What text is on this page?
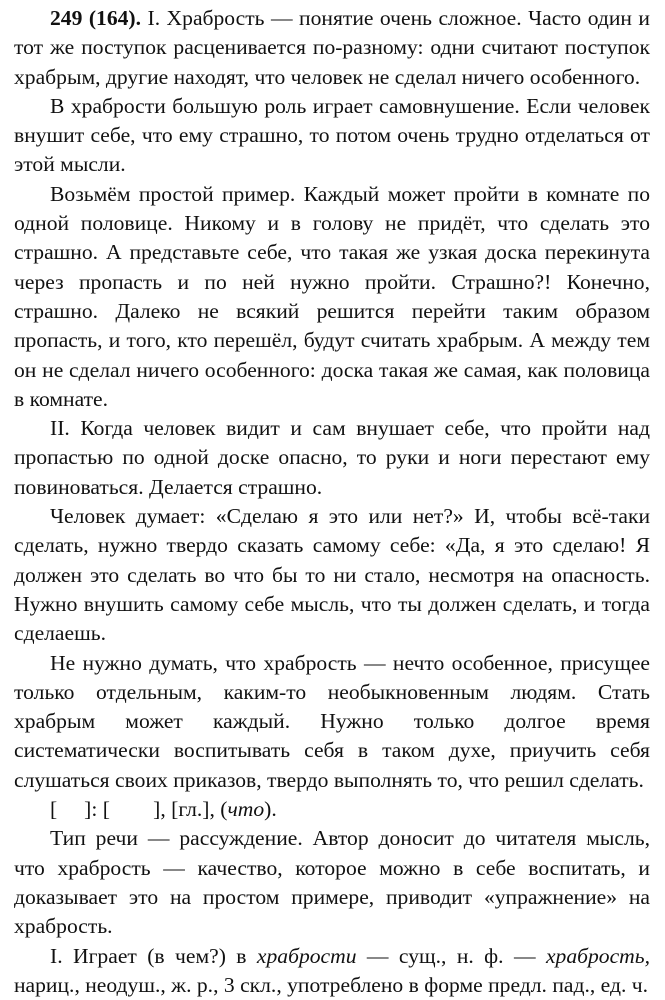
249 (164). I. Храбрость — понятие очень сложное. Часто один и тот же поступок расценивается по-разному: одни считают поступок храбрым, другие находят, что человек не сделал ничего особенного.

В храбрости большую роль играет самовнушение. Если человек внушит себе, что ему страшно, то потом очень трудно отделаться от этой мысли.

Возьмём простой пример. Каждый может пройти в комнате по одной половице. Никому и в голову не придёт, что сделать это страшно. А представьте себе, что такая же узкая доска перекинута через пропасть и по ней нужно пройти. Страшно?! Конечно, страшно. Далеко не всякий решится перейти таким образом пропасть, и того, кто перешёл, будут считать храбрым. А между тем он не сделал ничего особенного: доска такая же самая, как половица в комнате.

II. Когда человек видит и сам внушает себе, что пройти над пропастью по одной доске опасно, то руки и ноги перестают ему повиноваться. Делается страшно.

Человек думает: «Сделаю я это или нет?» И, чтобы всё-таки сделать, нужно твердо сказать самому себе: «Да, я это сделаю! Я должен это сделать во что бы то ни стало, несмотря на опасность. Нужно внушить самому себе мысль, что ты должен сделать, и тогда сделаешь.

Не нужно думать, что храбрость — нечто особенное, присущее только отдельным, каким-то необыкновенным людям. Стать храбрым может каждый. Нужно только долгое время систематически воспитывать себя в таком духе, приучить себя слушаться своих приказов, твердо выполнять то, что решил сделать.

[     ]: [        ], [гл.], (что).

Тип речи — рассуждение. Автор доносит до читателя мысль, что храбрость — качество, которое можно в себе воспитать, и доказывает это на простом примере, приводит «упражнение» на храбрость.

I. Играет (в чем?) в храбрости — сущ., н. ф. — храбрость, нариц., неодуш., ж. р., 3 скл., употреблено в форме предл. пад., ед. ч.
